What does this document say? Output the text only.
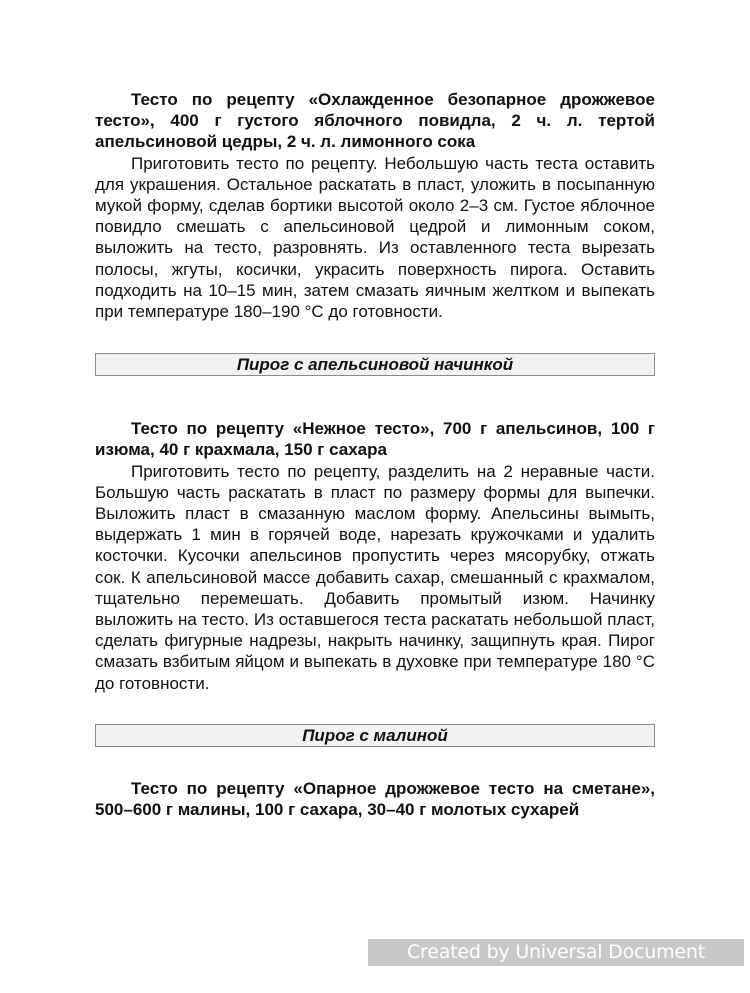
Тесто по рецепту «Охлажденное безопарное дрожжевое тесто», 400 г густого яблочного повидла, 2 ч. л. тертой апельсиновой цедры, 2 ч. л. лимонного сока

Приготовить тесто по рецепту. Небольшую часть теста оставить для украшения. Остальное раскатать в пласт, уложить в посыпанную мукой форму, сделав бортики высотой около 2–3 см. Густое яблочное повидло смешать с апельсиновой цедрой и лимонным соком, выложить на тесто, разровнять. Из оставленного теста вырезать полосы, жгуты, косички, украсить поверхность пирога. Оставить подходить на 10–15 мин, затем смазать яичным желтком и выпекать при температуре 180–190 °C до готовности.

Пирог с апельсиновой начинкой

Тесто по рецепту «Нежное тесто», 700 г апельсинов, 100 г изюма, 40 г крахмала, 150 г сахара

Приготовить тесто по рецепту, разделить на 2 неравные части. Большую часть раскатать в пласт по размеру формы для выпечки. Выложить пласт в смазанную маслом форму. Апельсины вымыть, выдержать 1 мин в горячей воде, нарезать кружочками и удалить косточки. Кусочки апельсинов пропустить через мясорубку, отжать сок. К апельсиновой массе добавить сахар, смешанный с крахмалом, тщательно перемешать. Добавить промытый изюм. Начинку выложить на тесто. Из оставшегося теста раскатать небольшой пласт, сделать фигурные надрезы, накрыть начинку, защипнуть края. Пирог смазать взбитым яйцом и выпекать в духовке при температуре 180 °C до готовности.

Пирог с малиной

Тесто по рецепту «Опарное дрожжевое тесто на сметане», 500–600 г малины, 100 г сахара, 30–40 г молотых сухарей

Created by Universal Document Converter
